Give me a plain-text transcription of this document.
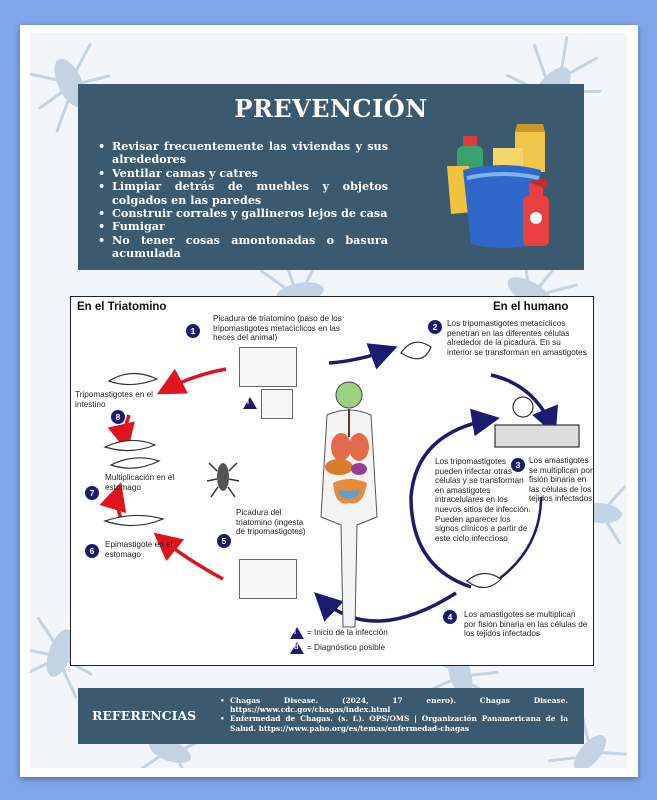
PREVENCIÓN
• Revisar frecuentemente las viviendas y sus alrededores
• Ventilar camas y catres
• Limpiar detrás de muebles y objetos colgados en las paredes
• Construir corrales y gallineros lejos de casa
• Fumigar
• No tener cosas amontonadas o basura acumulada
En el Triatomino	En el humano
1
Picadura de triatomino (paso de los tripomastigotes metacíclicos en las heces del animal)
2	Los tripomastigotes metacíclicos penetran en las diferentes células alrededor de la picadura. En su interior se transforman en amastigotes
3	Los amastigotes se multiplican por fisión binaria en las células de los tejidos infectados
4	Los amastigotes se multiplican por fisión binaria en las células de los tejidos infectados
5
Picadura del triatomino (ingesta de tripomastigotes)
6
Epimastigote en el estomago
7
Multiplicación en el estomago
8
Tripomastigotes en el intestino	i
Los tripomastigotes pueden infectar otras células y se transforman en amastigotes intracelulares en los nuevos sitios de infección. Pueden aparecer los signos clínicos a partir de este ciclo infeccioso
i = Inicio de la infección
d = Diagnóstico posible
REFERENCIAS
• Chagas Disease. (2024, 17 enero). Chagas Disease. https://www.cdc.gov/chagas/index.html
• Enfermedad de Chagas. (s. f.). OPS/OMS | Organización Panamericana de la Salud. https://www.paho.org/es/temas/enfermedad-chagas
